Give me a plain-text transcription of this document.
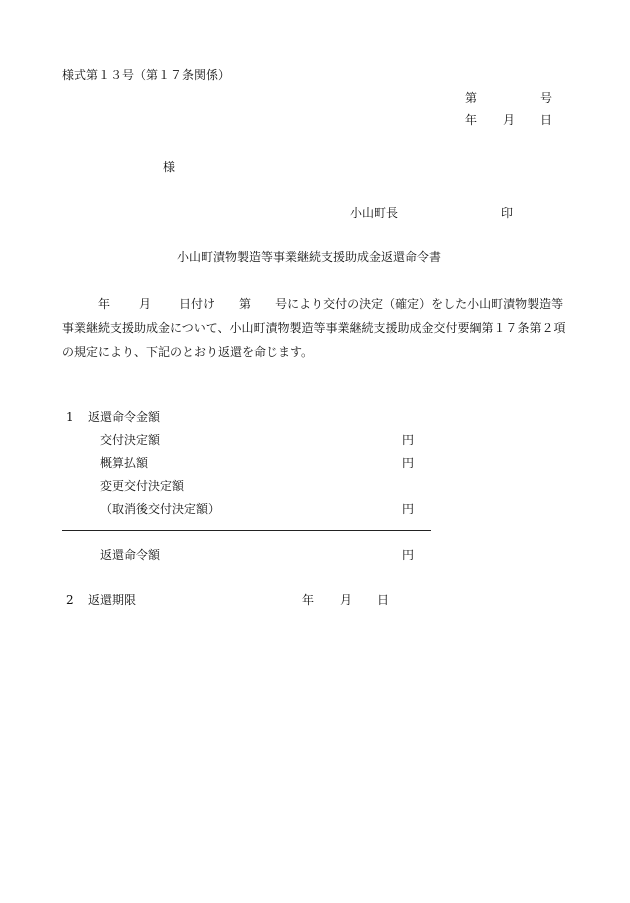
様式第１３号（第１７条関係）
第	号
年 月 日
様
小山町長	印
小山町漬物製造等事業継続支援助成金返還命令書
年 月 日付け 第 号により交付の決定（確定）をした小山町漬物製造等事業継続支援助成金について、小山町漬物製造等事業継続支援助成金交付要綱第１７条第２項の規定により、下記のとおり返還を命じます。
1 返還命令金額
交付決定額	円
概算払額	円
変更交付決定額
（取消後交付決定額）	円
返還命令額	円
2 返還期限	年 月 日
